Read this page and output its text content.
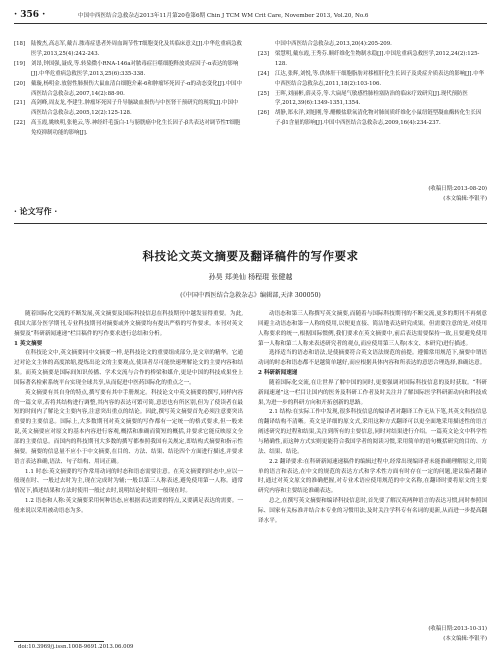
· 356 ·	中国中西医结合急救杂志2013年11月第20卷第6期 Chin J TCM WM Crit Care, November 2013, Vol.20, No.6
[18]	陆俊杰,高志军,戴吉.脓毒症患者外周血调节性T细胞变化及其临床意义[J].中华危重病急救医学,2013,25(4):242-243.
[19]	刘昂,钟国强,聂成,等.转染微小RNA-146a对脓毒症巨噬细胞释放炎症因子-α表达的影响[J].中华危重病急救医学,2013,25(6):335-338.
[20]	戴璇,杨明金.放射性肺损伤大鼠血清白细胞介素-6和肿瘤坏死因子-α的动态变化[J].中国中西医结合急救杂志,2007,14(2):88-90.
[21]	高剑峰,周友龙,李建生.肿瘤坏死因子升导脑缺血损伤与中医肾干预研究的现状[J].中国中西医结合急救杂志,2005,12(2):125-128.
[22]	高玉霞,姚映明,张艳云,等.神经纤毛蛋白-1与膀胱癌中化生长因子-β共表达对调节性T细胞免疫抑制功能的影响[J].
中国中西医结合急救杂志,2013,20(4):205-209.
[23]	梁慧明,戴东霞,王秀芬.顺纤维化生物制水稳[J].中国危重病急救医学,2012,24(2):125-128.
[24]	江达,张辉,刘悦,等.供体肝干细胞脂肪对移植肝化生长因子及炎症介质表达的影响[J].中华中西医结合急救杂志,2011,18(2):103-106.
[25]	王晖,刘丽彬,薛灵芬,等.大扁尾气敏感性肺栓塞防治的临床疗效研究[J].现代预防医学,2012,39(6):1349-1351,1354.
[26]	胡静,郑永洋,刘旭刚,等.醋酸盐联氧清化物对肺间质纤维化小鼠纽链型凝血酶转化生长因子-β1含量的影响[J].中国中西医结合急救杂志,2009,16(4):234-237.
(收稿日期:2013-08-20)
(本文编辑:李银平)
· 论文写作 ·
科技论文英文摘要及翻译稿件的写作要求
孙昊 郑美仙 杨程琨 张健越
(《中国中西医结合急救杂志》编辑部,天津 300050)

随着国际化交流的不断发展,英文摘要及国际科技信息在科技期刊中越发显得重要。为此,我国大部分医学期刊,专业科技期刊对摘要或外文摘要均有提出严格的写作要求。本刊对英文摘要及“科研新闻速递”栏目稿件的写作要求进行总结和分析。

1 英文摘要

在科技论文中,英文摘要同中文摘要一样,是科技论文的重要组成部分,是文章的精华。它通过对论文主体的高度浓缩,提炼出论文的主要观点,使读者尽可能快速理解论文的主要内容和结果。而英文摘要是国际间知识传播、学术交流与合作的桥梁和媒介,更是中国的科技成果登上国际著名检索系统平台实现全球共享,从而促进中医药国际化的重点之一。

英文摘要有其自身的特点,撰写要有其中手册规定。科技论文中英文摘要的撰写,同样内容的一篇文章,若将其结构进行调整,其内容的表达可繁可简,意思也有所区别,但为了使读者在最短的时间内了解论文主要内容,注意突出重点的结论。因此,撰写英文摘要首先必须注意要突出重要的主要信息。国际上,大多数期刊对英文摘要的写作都有一定统一的格式要求,但一般来说,英文摘要应对原文的基本内容进行客观,概括和准确而简短的概括,并要求它能反映原文全部的主要信息。而国内的科技期刊大多数的撰写都参照我国有关规定,即结构式摘要和指示性摘要。摘要的信息量不应小于中文摘要,在目的、方法、结果、结论四个方面进行描述,并要求语言表达准确,语法、句子结构、用词正确。

1.1 时态:英文摘要的写作常用动词的时态和语态需要注意。在英文摘要的时态中,应以一般现在时、一般过去时为主,现在完成时为辅;一般以第三人称表述,避免使用第一人称。通常情况下,描述结果和方法时使用一般过去时,说明结论时使用一般现在时。

1.2 语态和人称:英文摘要采用何种语态,应根据表达需要的特点,又要满足表达的需要。一般来说以采用被动语态为多。

动语态和第三人称撰写英文摘要,而随着与国际科技期刊的不断交流,更多的期刊不再刻意回避主动语态和第一人称的使用,以便更直接、简洁地表达研究成果。但需要注意的是,对使用人称要求的统一,根据国际惯例,我们要求在英文摘要中,前后表达需要保持一致,且要避免使用第一人称和第二人称来表述研究者的观点,而应使用第三人称(本文、本研究)进行描述。

选择适当的语态和语法,是使摘要符合英文语法规范的前提。遵循常用规范下,摘要中谓语动词的时态和语态都不是越简单越好,而应根据具体内容和所表达的意思合理选择,准确达意。

2 科研新闻速递

随着国际化交流,在让世界了解中国的同时,更要强调对国际科技信息的及时获取。“科研新闻速递”这一栏目让国内的医务及科研工作者及时关注并了解国际医学科研新动向和科技成果,为进一步的科研方向和开拓创新的思路。

2.1 结构:在实际工作中发现,很多科技信息的编译者对翻译工作无从下笔,其英文科技信息的翻译结构不清晰。英文是详细的原文式,采用这种方式翻译可以更全面地采用描述性的语言阐述研究的过程和结果,关注到所有的主要信息,同时对结果进行介绍。一篇英文论文中科学性与精确性,而这种方式实则更能符合我国学者的阅读习惯,采用简单的语句概括研究的目的、方法、结果、结论。

2.2 翻译要求:在科研新闻速递稿件的编辑过程中,经常出现编译者未能准确理解原文,用简单的语言和表达,在中文的规范的表达方式和学术性方面有时存在一定的问题,建议编者翻译时,通过对英文原文的准确把握,对专业术语应使用规范的中文名称,在翻译时要将原文的主要研究内容和主要结论准确表达。

总之,在撰写英文摘要和编译科技信息时,首先要了解汉英两种语言的表达习惯,同时参照国际、国家有关标准并结合本专业的习惯用法,及时关注学科专有名词的更新,从而进一步提高翻译水平。

(收稿日期:2013-10-31)
(本文编辑:李银平)
doi:10.3969/j.issn.1008-9691.2013.06.009
